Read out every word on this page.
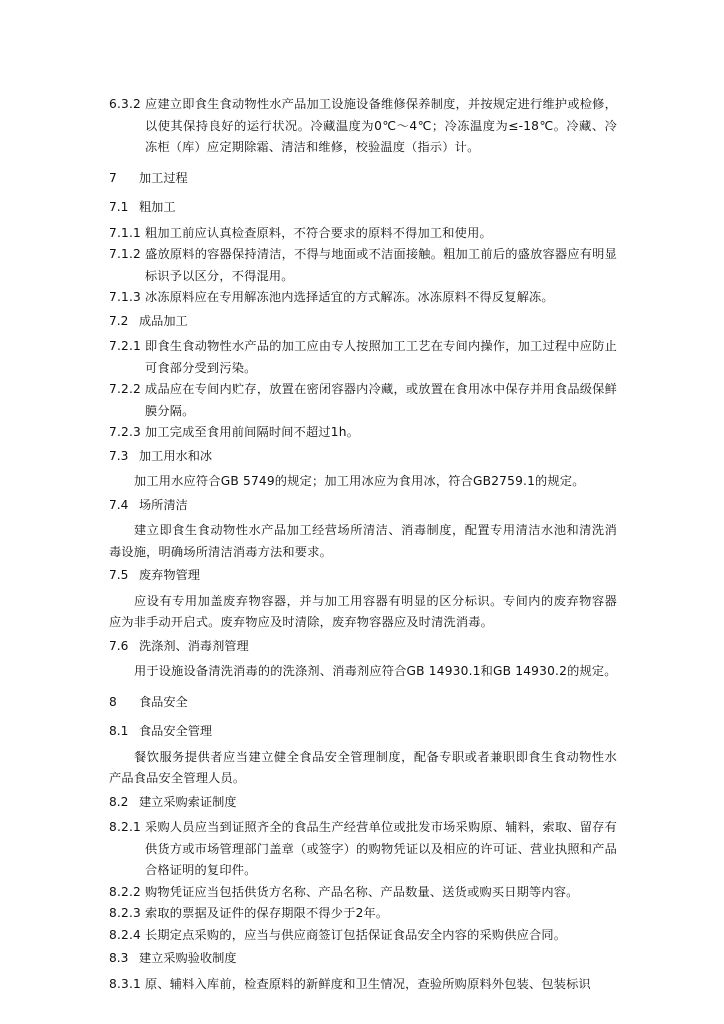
6.3.2 应建立即食生食动物性水产品加工设施设备维修保养制度，并按规定进行维护或检修，以使其保持良好的运行状况。冷藏温度为0℃～4℃；冷冻温度为≤-18℃。冷藏、冷冻柜（库）应定期除霜、清洁和维修，校验温度（指示）计。

7 加工过程

7.1 粗加工

7.1.1 粗加工前应认真检查原料，不符合要求的原料不得加工和使用。

7.1.2 盛放原料的容器保持清洁，不得与地面或不洁面接触。粗加工前后的盛放容器应有明显标识予以区分，不得混用。

7.1.3 冰冻原料应在专用解冻池内选择适宜的方式解冻。冰冻原料不得反复解冻。

7.2 成品加工

7.2.1 即食生食动物性水产品的加工应由专人按照加工工艺在专间内操作，加工过程中应防止可食部分受到污染。

7.2.2 成品应在专间内贮存，放置在密闭容器内冷藏，或放置在食用冰中保存并用食品级保鲜膜分隔。

7.2.3 加工完成至食用前间隔时间不超过1h。

7.3 加工用水和冰

加工用水应符合GB 5749的规定；加工用冰应为食用冰，符合GB2759.1的规定。

7.4 场所清洁

建立即食生食动物性水产品加工经营场所清洁、消毒制度，配置专用清洁水池和清洗消毒设施，明确场所清洁消毒方法和要求。

7.5 废弃物管理

应设有专用加盖废弃物容器，并与加工用容器有明显的区分标识。专间内的废弃物容器应为非手动开启式。废弃物应及时清除，废弃物容器应及时清洗消毒。

7.6 洗涤剂、消毒剂管理

用于设施设备清洗消毒的的洗涤剂、消毒剂应符合GB 14930.1和GB 14930.2的规定。

8 食品安全

8.1 食品安全管理

餐饮服务提供者应当建立健全食品安全管理制度，配备专职或者兼职即食生食动物性水产品食品安全管理人员。

8.2 建立采购索证制度

8.2.1 采购人员应当到证照齐全的食品生产经营单位或批发市场采购原、辅料，索取、留存有供货方或市场管理部门盖章（或签字）的购物凭证以及相应的许可证、营业执照和产品合格证明的复印件。

8.2.2 购物凭证应当包括供货方名称、产品名称、产品数量、送货或购买日期等内容。

8.2.3 索取的票据及证件的保存期限不得少于2年。

8.2.4 长期定点采购的，应当与供应商签订包括保证食品安全内容的采购供应合同。

8.3 建立采购验收制度

8.3.1 原、辅料入库前，检查原料的新鲜度和卫生情况，查验所购原料外包装、包装标识
